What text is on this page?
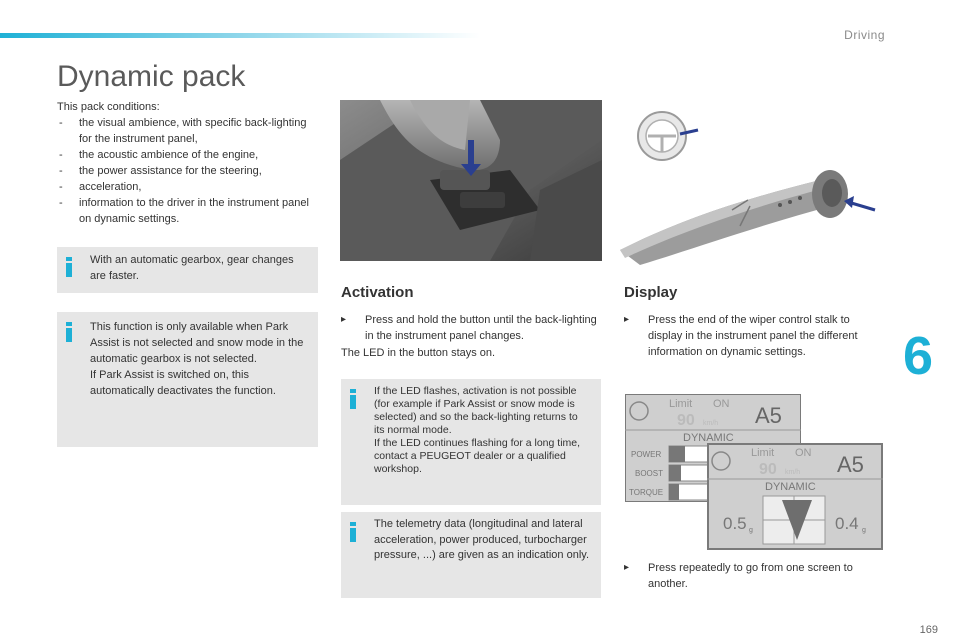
Driving
Dynamic pack
This pack conditions:
- the visual ambience, with specific back-lighting for the instrument panel,
- the acoustic ambience of the engine,
- the power assistance for the steering,
- acceleration,
- information to the driver in the instrument panel on dynamic settings.
With an automatic gearbox, gear changes are faster.
This function is only available when Park Assist is not selected and snow mode in the automatic gearbox is not selected.
If Park Assist is switched on, this automatically deactivates the function.
Activation
▸	Press and hold the button until the back-lighting in the instrument panel changes.
The LED in the button stays on.
If the LED flashes, activation is not possible (for example if Park Assist or snow mode is selected) and so the back-lighting returns to its normal mode.
If the LED continues flashing for a long time, contact a PEUGEOT dealer or a qualified workshop.
The telemetry data (longitudinal and lateral acceleration, power produced, turbocharger pressure, ...) are given as an indication only.
Display
▸	Press the end of the wiper control stalk to display in the instrument panel the different information on dynamic settings.
Limit ON
90 km/h A5
DYNAMIC
POWER
BOOST
TORQUE
Limit ON
90 km/h A5
DYNAMIC
0.5 g	0.4 g
▸	Press repeatedly to go from one screen to another.
6
169
